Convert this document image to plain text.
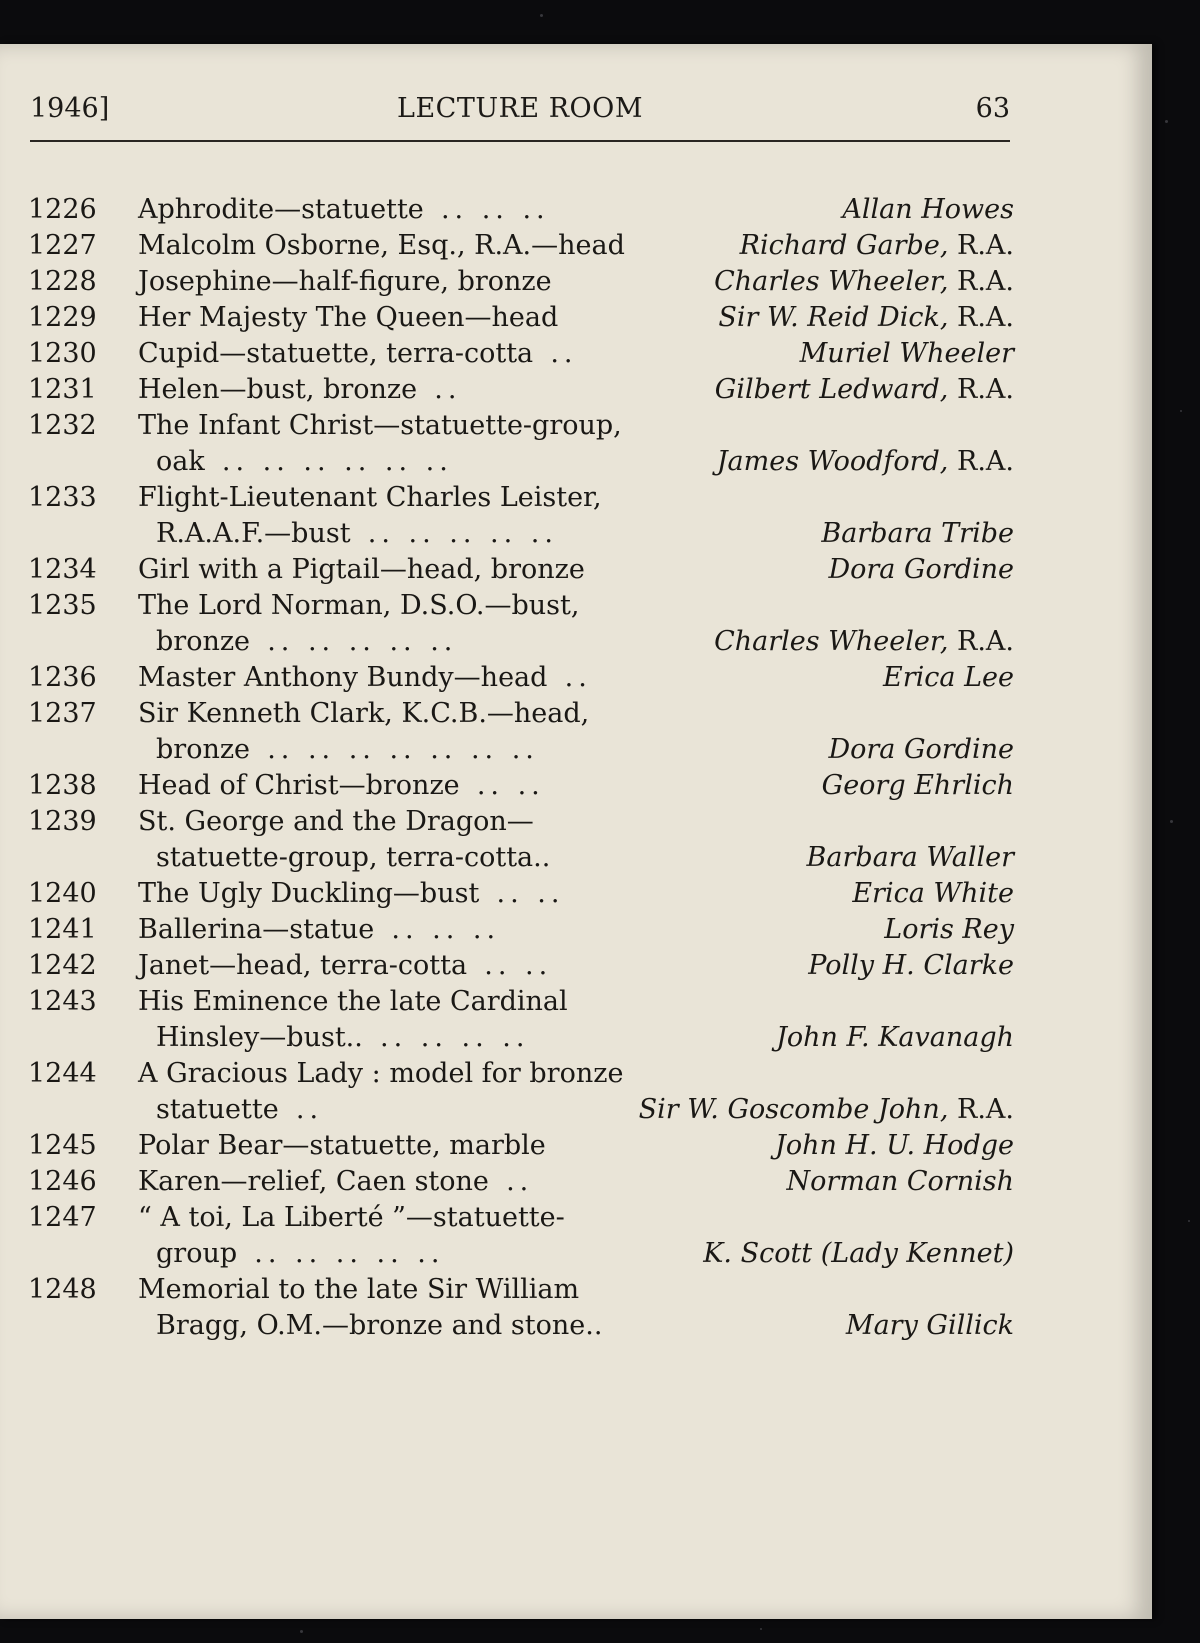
1946]	LECTURE ROOM	63
1226	Aphrodite—statuette .. .. ..	Allan Howes
1227	Malcolm Osborne, Esq., R.A.—head	Richard Garbe, R.A.
1228	Josephine—half-figure, bronze	Charles Wheeler, R.A.
1229	Her Majesty The Queen—head	Sir W. Reid Dick, R.A.
1230	Cupid—statuette, terra-cotta ..	Muriel Wheeler
1231	Helen—bust, bronze ..	Gilbert Ledward, R.A.
1232	The Infant Christ—statuette-group,
oak .. .. .. .. .. ..	James Woodford, R.A.
1233	Flight-Lieutenant Charles Leister,
R.A.A.F.—bust .. .. .. .. ..	Barbara Tribe
1234	Girl with a Pigtail—head, bronze	Dora Gordine
1235	The Lord Norman, D.S.O.—bust,
bronze .. .. .. .. ..	Charles Wheeler, R.A.
1236	Master Anthony Bundy—head ..	Erica Lee
1237	Sir Kenneth Clark, K.C.B.—head,
bronze .. .. .. .. .. .. ..	Dora Gordine
1238	Head of Christ—bronze .. ..	Georg Ehrlich
1239	St. George and the Dragon—
statuette-group, terra-cotta..	Barbara Waller
1240	The Ugly Duckling—bust .. ..	Erica White
1241	Ballerina—statue .. .. ..	Loris Rey
1242	Janet—head, terra-cotta .. ..	Polly H. Clarke
1243	His Eminence the late Cardinal
Hinsley—bust.. .. .. .. ..	John F. Kavanagh
1244	A Gracious Lady : model for bronze
statuette ..	Sir W. Goscombe John, R.A.
1245	Polar Bear—statuette, marble	John H. U. Hodge
1246	Karen—relief, Caen stone ..	Norman Cornish
1247	“ A toi, La Liberté ”—statuette-
group .. .. .. .. ..	K. Scott (Lady Kennet)
1248	Memorial to the late Sir William
Bragg, O.M.—bronze and stone..	Mary Gillick
